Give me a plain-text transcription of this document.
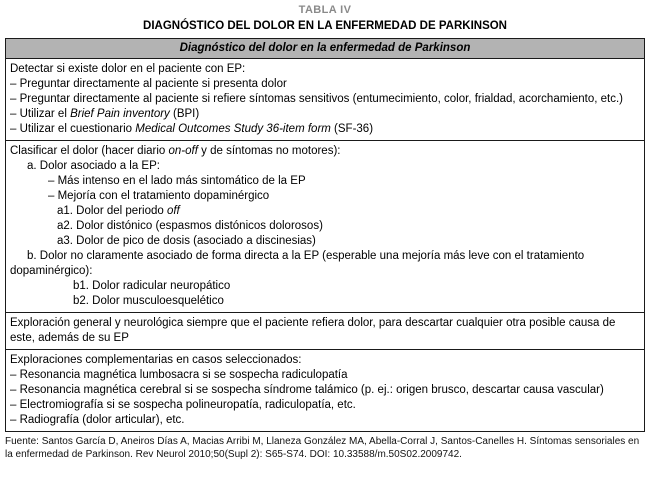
TABLA IV
DIAGNÓSTICO DEL DOLOR EN LA ENFERMEDAD DE PARKINSON
Diagnóstico del dolor en la enfermedad de Parkinson
Detectar si existe dolor en el paciente con EP:
– Preguntar directamente al paciente si presenta dolor
– Preguntar directamente al paciente si refiere síntomas sensitivos (entumecimiento, color, frialdad, acorchamiento, etc.)
– Utilizar el Brief Pain inventory (BPI)
– Utilizar el cuestionario Medical Outcomes Study 36-item form (SF-36)
Clasificar el dolor (hacer diario on-off y de síntomas no motores):
a. Dolor asociado a la EP:
– Más intenso en el lado más sintomático de la EP
– Mejoría con el tratamiento dopaminérgico
a1. Dolor del periodo off
a2. Dolor distónico (espasmos distónicos dolorosos)
a3. Dolor de pico de dosis (asociado a discinesias)
b. Dolor no claramente asociado de forma directa a la EP (esperable una mejoría más leve con el tratamiento dopaminérgico):
b1. Dolor radicular neuropático
b2. Dolor musculoesquelético
Exploración general y neurológica siempre que el paciente refiera dolor, para descartar cualquier otra posible causa de este, además de su EP
Exploraciones complementarias en casos seleccionados:
– Resonancia magnética lumbosacra si se sospecha radiculopatía
– Resonancia magnética cerebral si se sospecha síndrome talámico (p. ej.: origen brusco, descartar causa vascular)
– Electromiografía si se sospecha polineuropatía, radiculopatía, etc.
– Radiografía (dolor articular), etc.
Fuente: Santos García D, Aneiros Días A, Macias Arribi M, Llaneza González MA, Abella-Corral J, Santos-Canelles H. Síntomas sensoriales en la enfermedad de Parkinson. Rev Neurol 2010;50(Supl 2): S65-S74. DOI: 10.33588/m.50S02.2009742.
